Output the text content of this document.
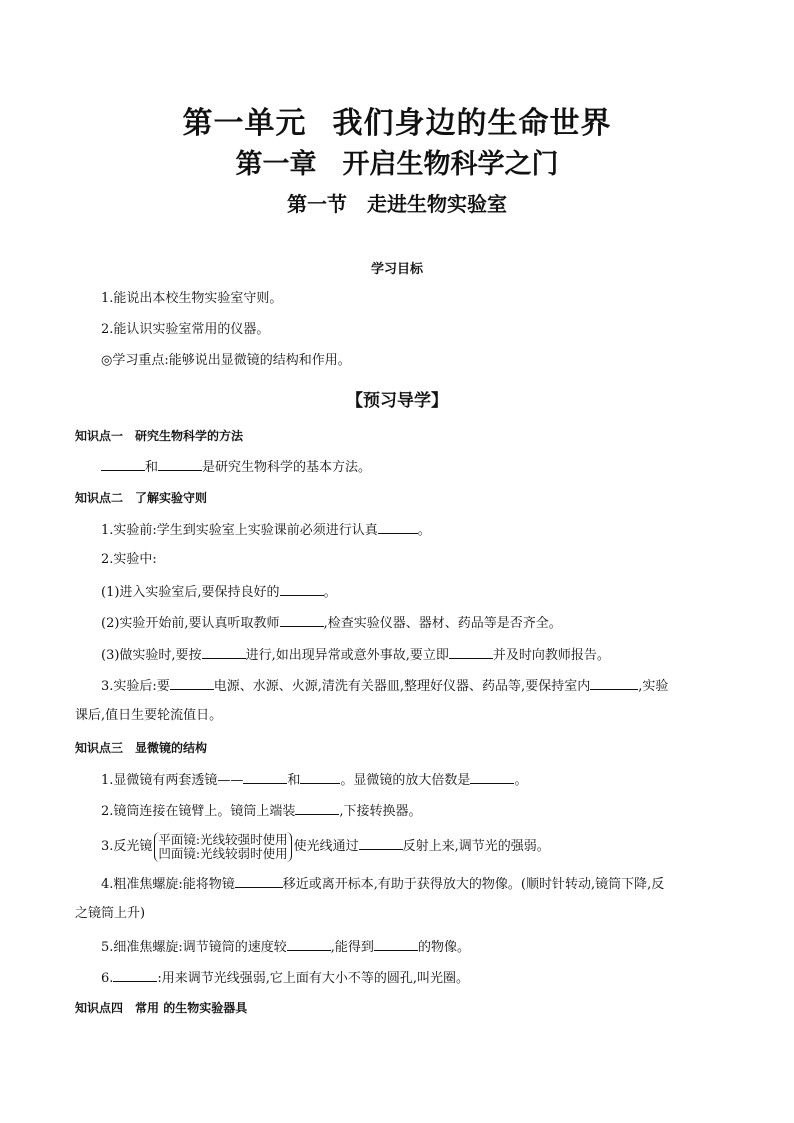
第一单元 我们身边的生命世界
第一章 开启生物科学之门
第一节 走进生物实验室
学习目标
1.能说出本校生物实验室守则。
2.能认识实验室常用的仪器。
◎学习重点:能够说出显微镜的结构和作用。
【预习导学】
知识点一 研究生物科学的方法
和	是研究生物科学的基本方法。
知识点二 了解实验守则
1.实验前:学生到实验室上实验课前必须进行认真	。
2.实验中:
(1)进入实验室后,要保持良好的	。
(2)实验开始前,要认真听取教师	,检查实验仪器、器材、药品等是否齐全。
(3)做实验时,要按	进行,如出现异常或意外事故,要立即	并及时向教师报告。
3.实验后:要	电源、水源、火源,清洗有关器皿,整理好仪器、药品等,要保持室内	,实验
课后,值日生要轮流值日。
知识点三 显微镜的结构
1.显微镜有两套透镜——	和	。显微镜的放大倍数是	。
2.镜筒连接在镜臂上。镜筒上端装	,下接转换器。
3.反光镜 平面镜:光线较强时使用
凹面镜:光线较弱时使用 使光线通过	反射上来,调节光的强弱。
4.粗准焦螺旋:能将物镜	移近或离开标本,有助于获得放大的物像。(顺时针转动,镜筒下降,反
之镜筒上升)
5.细准焦螺旋:调节镜筒的速度较	,能得到	的物像。
6.	:用来调节光线强弱,它上面有大小不等的圆孔,叫光圈。
知识点四 常用 的生物实验器具
